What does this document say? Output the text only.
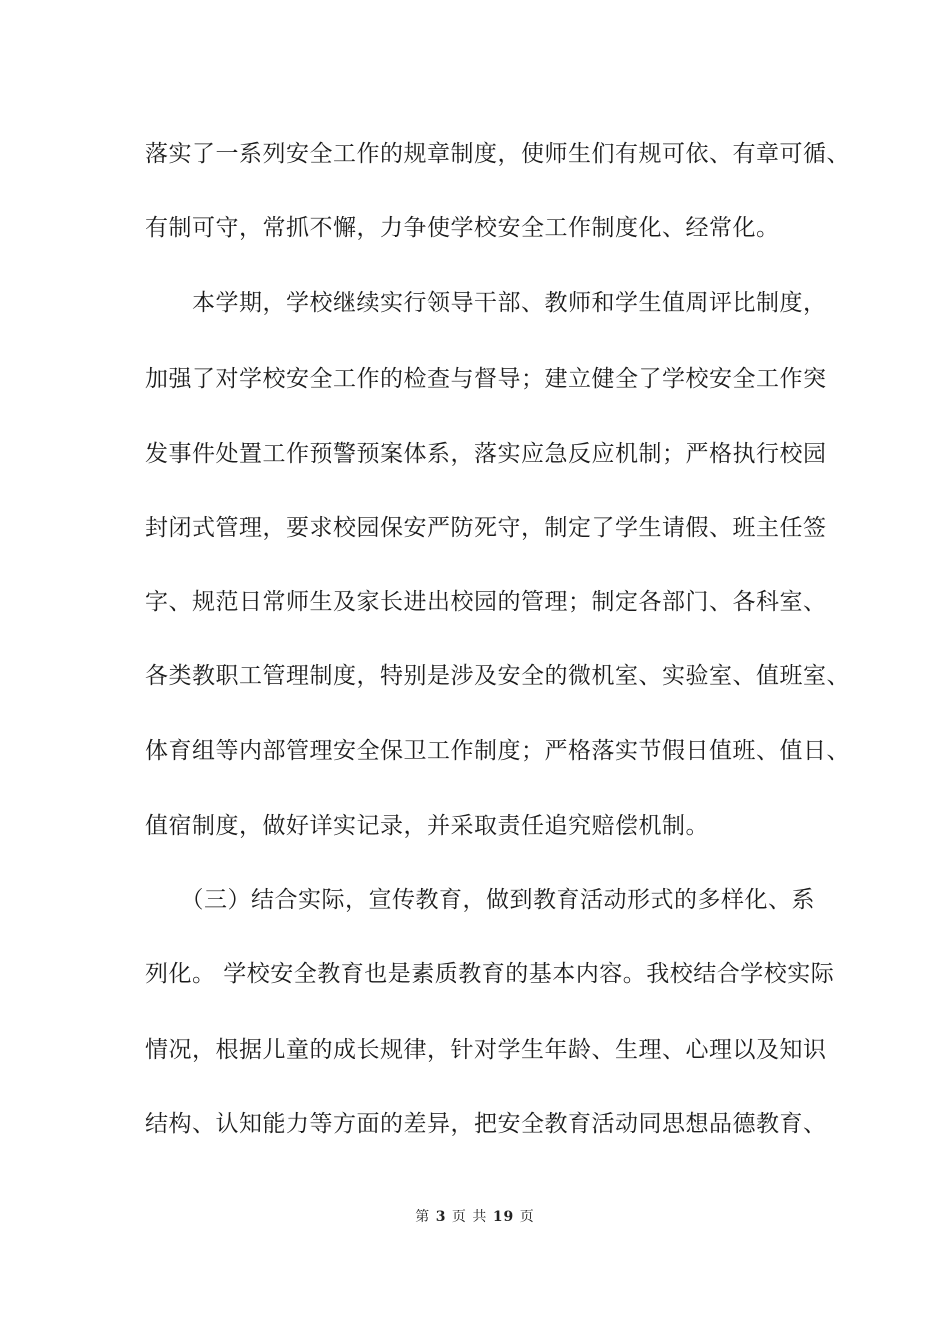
落实了一系列安全工作的规章制度，使师生们有规可依、有章可循、
有制可守，常抓不懈，力争使学校安全工作制度化、经常化。
　　本学期，学校继续实行领导干部、教师和学生值周评比制度，
加强了对学校安全工作的检查与督导；建立健全了学校安全工作突
发事件处置工作预警预案体系，落实应急反应机制；严格执行校园
封闭式管理，要求校园保安严防死守，制定了学生请假、班主任签
字、规范日常师生及家长进出校园的管理；制定各部门、各科室、
各类教职工管理制度，特别是涉及安全的微机室、实验室、值班室、
体育组等内部管理安全保卫工作制度；严格落实节假日值班、值日、
值宿制度，做好详实记录，并采取责任追究赔偿机制。
　　（三）结合实际，宣传教育，做到教育活动形式的多样化、系
列化。 学校安全教育也是素质教育的基本内容。我校结合学校实际
情况，根据儿童的成长规律，针对学生年龄、生理、心理以及知识
结构、认知能力等方面的差异，把安全教育活动同思想品德教育、
第 3 页 共 19 页
